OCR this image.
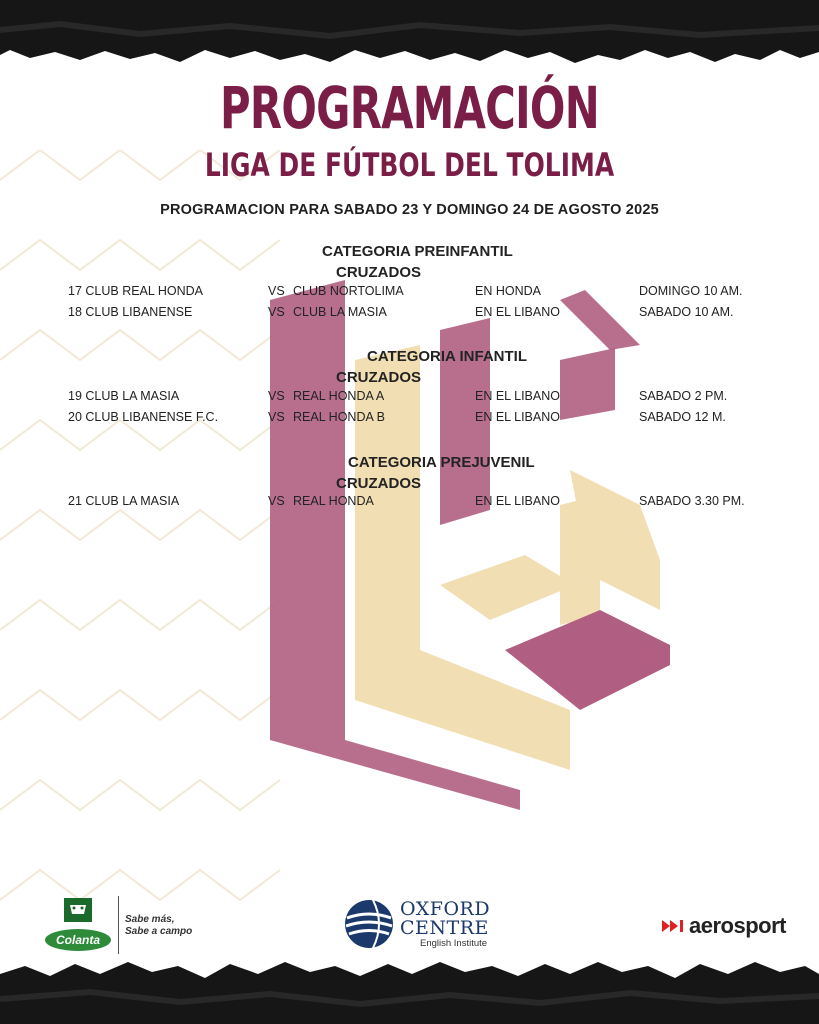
PROGRAMACIÓN
LIGA DE FÚTBOL DEL TOLIMA
PROGRAMACION PARA SABADO 23 Y DOMINGO 24 DE AGOSTO 2025
CATEGORIA PREINFANTIL
CRUZADOS
17 CLUB REAL HONDA	VS CLUB NORTOLIMA	EN HONDA	DOMINGO 10 AM.
18 CLUB LIBANENSE	VS CLUB LA MASIA	EN EL LIBANO	SABADO 10 AM.
CATEGORIA INFANTIL
CRUZADOS
19 CLUB LA MASIA	VS REAL HONDA A	EN EL LIBANO	SABADO 2 PM.
20 CLUB LIBANENSE F.C.	VS REAL HONDA B	EN EL LIBANO	SABADO 12 M.
CATEGORIA PREJUVENIL
CRUZADOS
21 CLUB LA MASIA	VS REAL HONDA	EN EL LIBANO	SABADO 3.30 PM.
Colanta
Sabe más,
Sabe a campo
OXFORD
CENTRE
English Institute
aerosport
